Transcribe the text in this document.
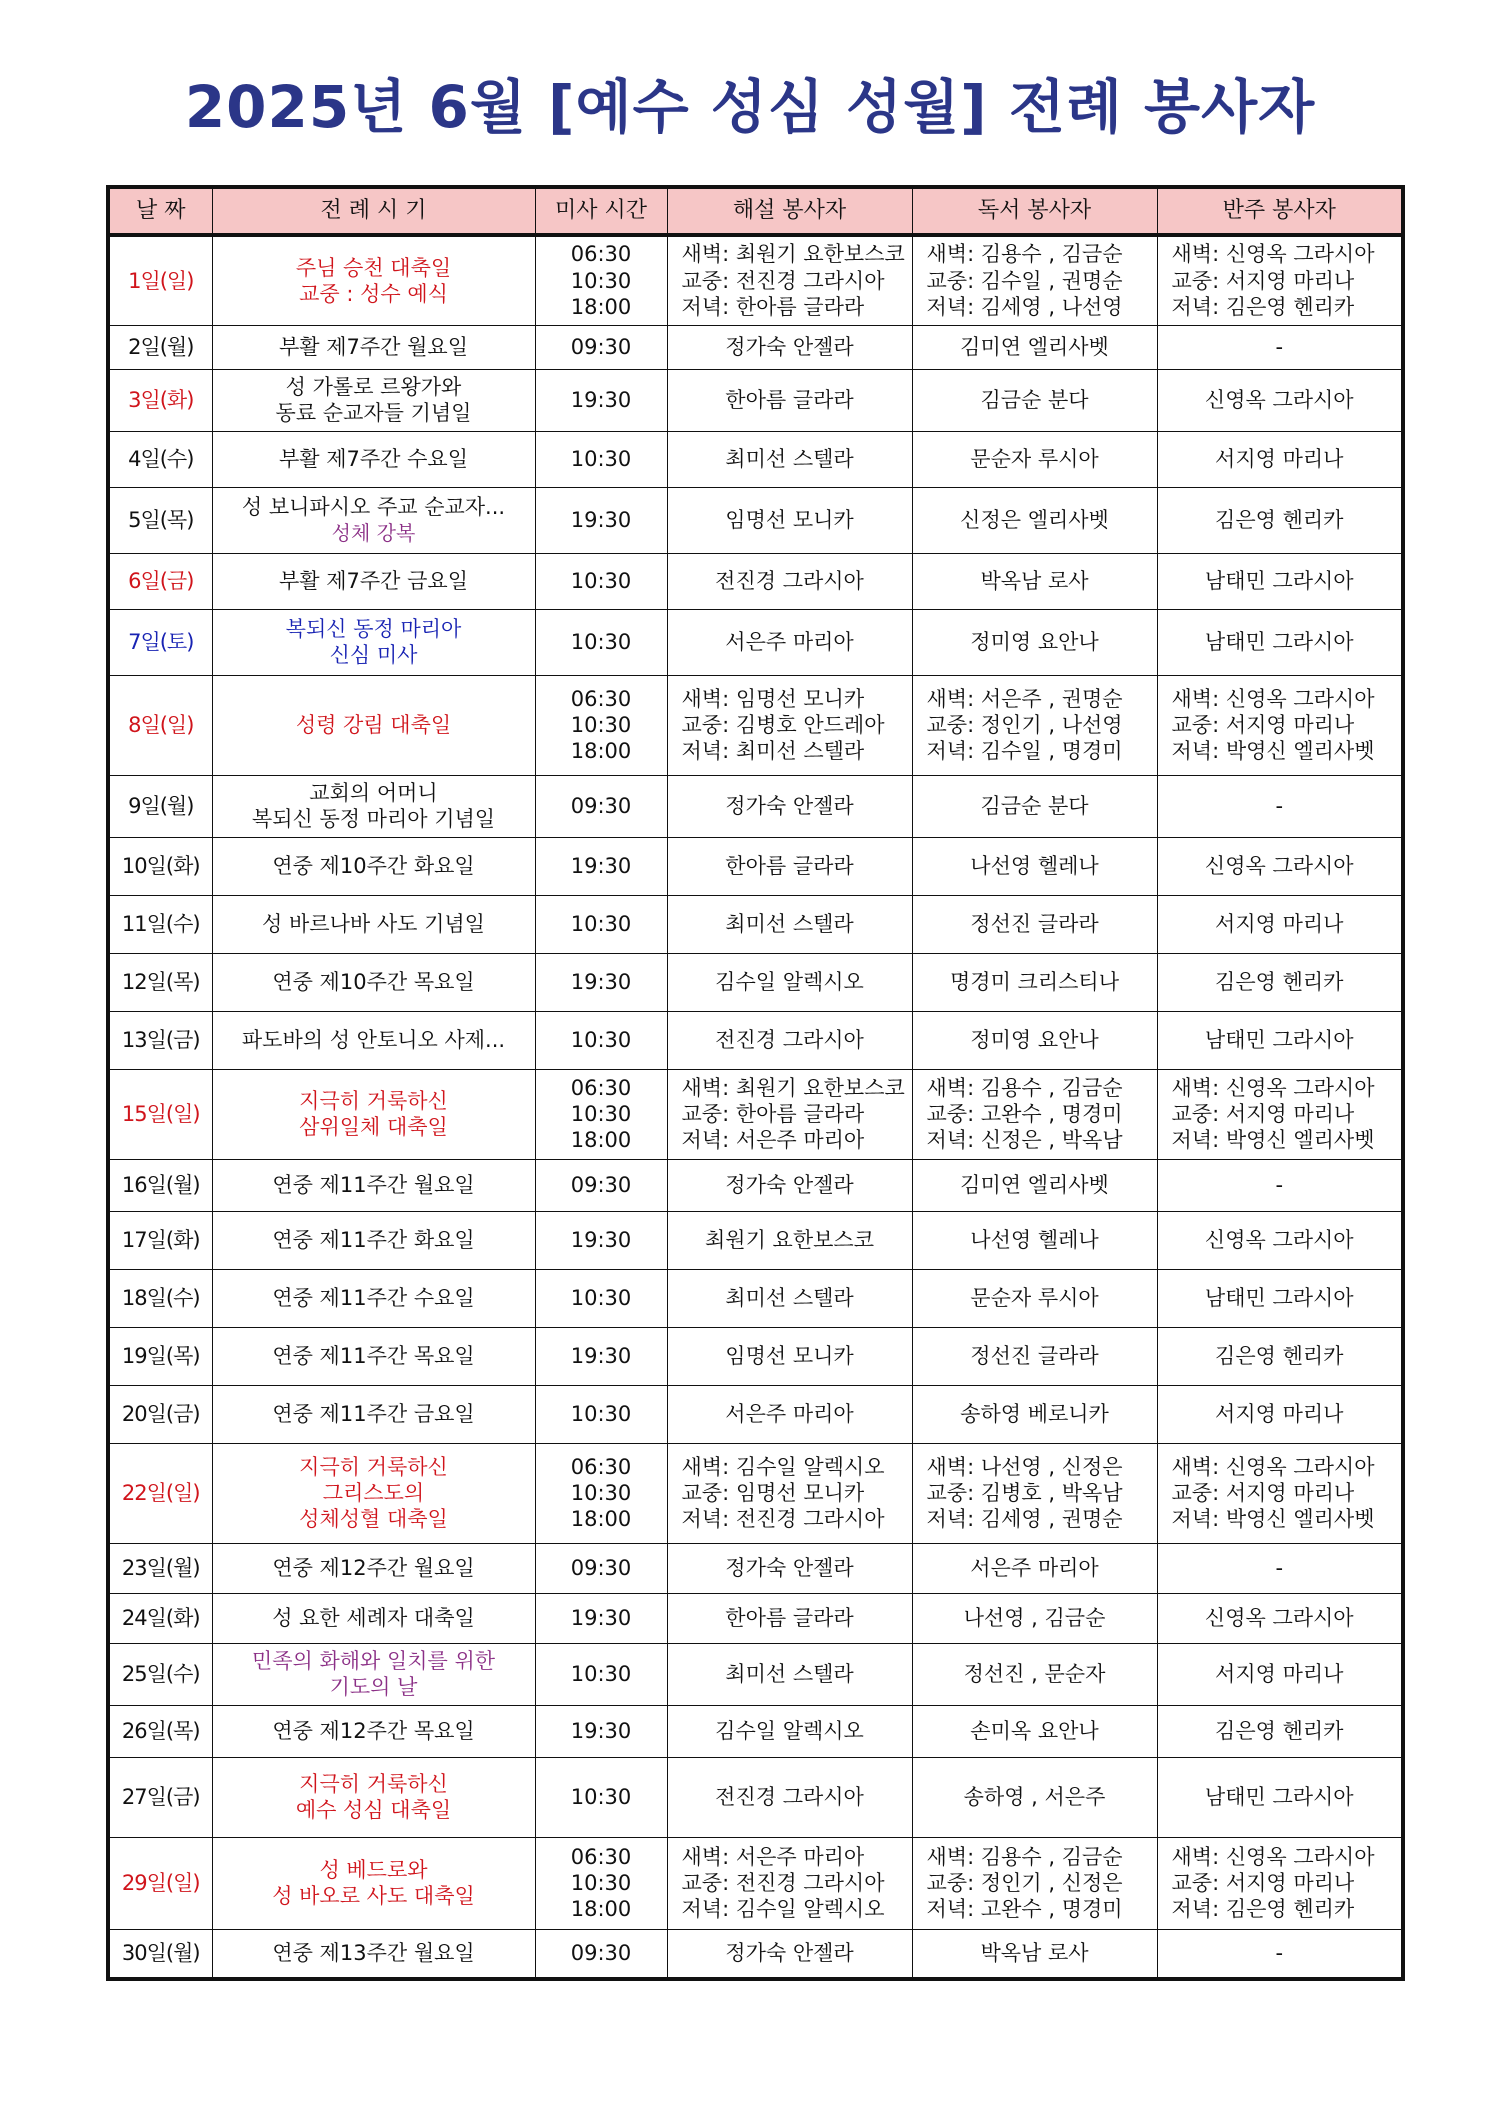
2025년 6월 [예수 성심 성월] 전례 봉사자
날 짜	전 례 시 기	미사 시간	해설 봉사자	독서 봉사자	반주 봉사자
1일(일)	주님 승천 대축일
교중 : 성수 예식	06:30
10:30
18:00	새벽: 최원기 요한보스코
교중: 전진경 그라시아
저녁: 한아름 글라라	새벽: 김용수 , 김금순
교중: 김수일 , 권명순
저녁: 김세영 , 나선영	새벽: 신영옥 그라시아
교중: 서지영 마리나
저녁: 김은영 헨리카

2일(월)	부활 제7주간 월요일	09:30	정가숙 안젤라	김미연 엘리사벳	-

3일(화)	성 가롤로 르왕가와
동료 순교자들 기념일	19:30	한아름 글라라	김금순 분다	신영옥 그라시아

4일(수)	부활 제7주간 수요일	10:30	최미선 스텔라	문순자 루시아	서지영 마리나

5일(목)	성 보니파시오 주교 순교자...
성체 강복	19:30	임명선 모니카	신정은 엘리사벳	김은영 헨리카

6일(금)	부활 제7주간 금요일	10:30	전진경 그라시아	박옥남 로사	남태민 그라시아

7일(토)	복되신 동정 마리아
신심 미사	10:30	서은주 마리아	정미영 요안나	남태민 그라시아

8일(일)	성령 강림 대축일	06:30
10:30
18:00	새벽: 임명선 모니카
교중: 김병호 안드레아
저녁: 최미선 스텔라	새벽: 서은주 , 권명순
교중: 정인기 , 나선영
저녁: 김수일 , 명경미	새벽: 신영옥 그라시아
교중: 서지영 마리나
저녁: 박영신 엘리사벳

9일(월)	교회의 어머니
복되신 동정 마리아 기념일	09:30	정가숙 안젤라	김금순 분다	-

10일(화)	연중 제10주간 화요일	19:30	한아름 글라라	나선영 헬레나	신영옥 그라시아

11일(수)	성 바르나바 사도 기념일	10:30	최미선 스텔라	정선진 글라라	서지영 마리나

12일(목)	연중 제10주간 목요일	19:30	김수일 알렉시오	명경미 크리스티나	김은영 헨리카

13일(금)	파도바의 성 안토니오 사제...	10:30	전진경 그라시아	정미영 요안나	남태민 그라시아

15일(일)	지극히 거룩하신
삼위일체 대축일	06:30
10:30
18:00	새벽: 최원기 요한보스코
교중: 한아름 글라라
저녁: 서은주 마리아	새벽: 김용수 , 김금순
교중: 고완수 , 명경미
저녁: 신정은 , 박옥남	새벽: 신영옥 그라시아
교중: 서지영 마리나
저녁: 박영신 엘리사벳

16일(월)	연중 제11주간 월요일	09:30	정가숙 안젤라	김미연 엘리사벳	-

17일(화)	연중 제11주간 화요일	19:30	최원기 요한보스코	나선영 헬레나	신영옥 그라시아

18일(수)	연중 제11주간 수요일	10:30	최미선 스텔라	문순자 루시아	남태민 그라시아

19일(목)	연중 제11주간 목요일	19:30	임명선 모니카	정선진 글라라	김은영 헨리카

20일(금)	연중 제11주간 금요일	10:30	서은주 마리아	송하영 베로니카	서지영 마리나

22일(일)	지극히 거룩하신
그리스도의
성체성혈 대축일	06:30
10:30
18:00	새벽: 김수일 알렉시오
교중: 임명선 모니카
저녁: 전진경 그라시아	새벽: 나선영 , 신정은
교중: 김병호 , 박옥남
저녁: 김세영 , 권명순	새벽: 신영옥 그라시아
교중: 서지영 마리나
저녁: 박영신 엘리사벳

23일(월)	연중 제12주간 월요일	09:30	정가숙 안젤라	서은주 마리아	-

24일(화)	성 요한 세례자 대축일	19:30	한아름 글라라	나선영 , 김금순	신영옥 그라시아

25일(수)	민족의 화해와 일치를 위한
기도의 날	10:30	최미선 스텔라	정선진 , 문순자	서지영 마리나

26일(목)	연중 제12주간 목요일	19:30	김수일 알렉시오	손미옥 요안나	김은영 헨리카

27일(금)	지극히 거룩하신
예수 성심 대축일	10:30	전진경 그라시아	송하영 , 서은주	남태민 그라시아

29일(일)	성 베드로와
성 바오로 사도 대축일	06:30
10:30
18:00	새벽: 서은주 마리아
교중: 전진경 그라시아
저녁: 김수일 알렉시오	새벽: 김용수 , 김금순
교중: 정인기 , 신정은
저녁: 고완수 , 명경미	새벽: 신영옥 그라시아
교중: 서지영 마리나
저녁: 김은영 헨리카

30일(월)	연중 제13주간 월요일	09:30	정가숙 안젤라	박옥남 로사	-
